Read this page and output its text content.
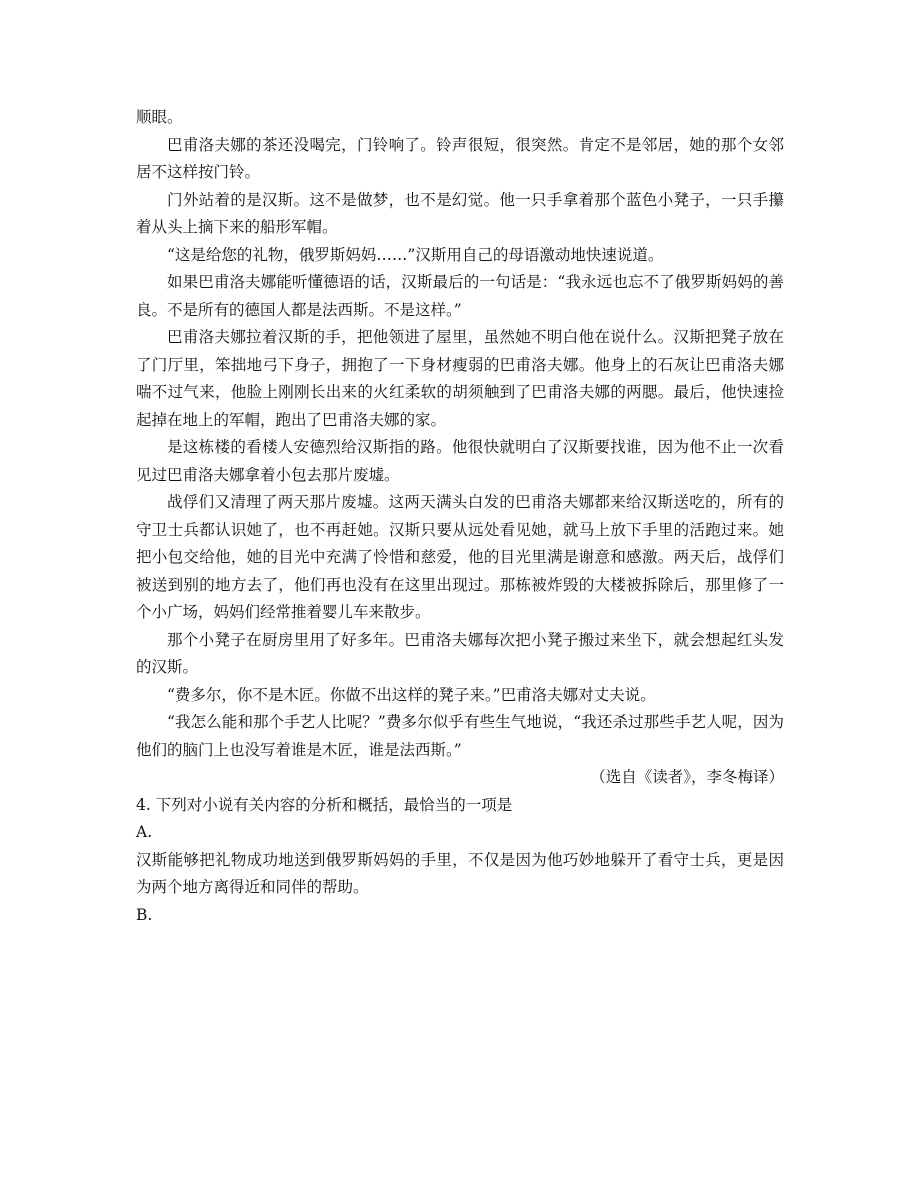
顺眼。

巴甫洛夫娜的茶还没喝完，门铃响了。铃声很短，很突然。肯定不是邻居，她的那个女邻居不这样按门铃。

门外站着的是汉斯。这不是做梦，也不是幻觉。他一只手拿着那个蓝色小凳子，一只手攥着从头上摘下来的船形军帽。

“这是给您的礼物，俄罗斯妈妈……”汉斯用自己的母语激动地快速说道。

如果巴甫洛夫娜能听懂德语的话，汉斯最后的一句话是：“我永远也忘不了俄罗斯妈妈的善良。不是所有的德国人都是法西斯。不是这样。”

巴甫洛夫娜拉着汉斯的手，把他领进了屋里，虽然她不明白他在说什么。汉斯把凳子放在了门厅里，笨拙地弓下身子，拥抱了一下身材瘦弱的巴甫洛夫娜。他身上的石灰让巴甫洛夫娜喘不过气来，他脸上刚刚长出来的火红柔软的胡须触到了巴甫洛夫娜的两腮。最后，他快速捡起掉在地上的军帽，跑出了巴甫洛夫娜的家。

是这栋楼的看楼人安德烈给汉斯指的路。他很快就明白了汉斯要找谁，因为他不止一次看见过巴甫洛夫娜拿着小包去那片废墟。

战俘们又清理了两天那片废墟。这两天满头白发的巴甫洛夫娜都来给汉斯送吃的，所有的守卫士兵都认识她了，也不再赶她。汉斯只要从远处看见她，就马上放下手里的活跑过来。她把小包交给他，她的目光中充满了怜惜和慈爱，他的目光里满是谢意和感激。两天后，战俘们被送到别的地方去了，他们再也没有在这里出现过。那栋被炸毁的大楼被拆除后，那里修了一个小广场，妈妈们经常推着婴儿车来散步。

那个小凳子在厨房里用了好多年。巴甫洛夫娜每次把小凳子搬过来坐下，就会想起红头发的汉斯。

“费多尔，你不是木匠。你做不出这样的凳子来。”巴甫洛夫娜对丈夫说。

“我怎么能和那个手艺人比呢？”费多尔似乎有些生气地说，“我还杀过那些手艺人呢，因为他们的脑门上也没写着谁是木匠，谁是法西斯。”

（选自《读者》，李冬梅译）

4. 下列对小说有关内容的分析和概括，最恰当的一项是

A.

汉斯能够把礼物成功地送到俄罗斯妈妈的手里，不仅是因为他巧妙地躲开了看守士兵，更是因为两个地方离得近和同伴的帮助。

B.
